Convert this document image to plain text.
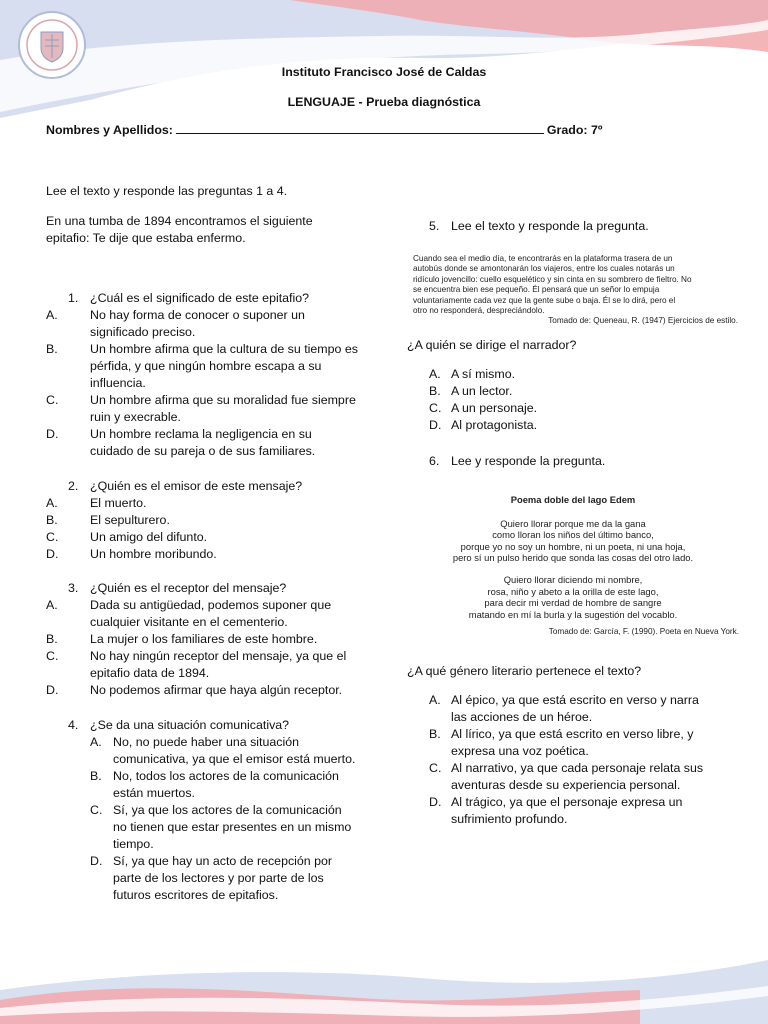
Instituto Francisco José de Caldas
LENGUAJE - Prueba diagnóstica
Nombres y Apellidos:	Grado: 7º
Lee el texto y responde las preguntas 1 a 4.
En una tumba de 1894 encontramos el siguiente
epitafio: Te dije que estaba enfermo.
1. ¿Cuál es el significado de este epitafio?
A.	No hay forma de conocer o suponer un
significado preciso.
B.	Un hombre afirma que la cultura de su tiempo es
pérfida, y que ningún hombre escapa a su
influencia.
C.	Un hombre afirma que su moralidad fue siempre
ruin y execrable.
D.	Un hombre reclama la negligencia en su
cuidado de su pareja o de sus familiares.
2. ¿Quién es el emisor de este mensaje?
A.	El muerto.
B.	El sepulturero.
C.	Un amigo del difunto.
D.	Un hombre moribundo.
3. ¿Quién es el receptor del mensaje?
A.	Dada su antigüedad, podemos suponer que
cualquier visitante en el cementerio.
B.	La mujer o los familiares de este hombre.
C.	No hay ningún receptor del mensaje, ya que el
epitafio data de 1894.
D.	No podemos afirmar que haya algún receptor.
4. ¿Se da una situación comunicativa?
A. No, no puede haber una situación
comunicativa, ya que el emisor está muerto.
B. No, todos los actores de la comunicación
están muertos.
C. Sí, ya que los actores de la comunicación
no tienen que estar presentes en un mismo
tiempo.
D. Sí, ya que hay un acto de recepción por
parte de los lectores y por parte de los
futuros escritores de epitafios.
5. Lee el texto y responde la pregunta.

Cuando sea el medio día, te encontrarás en la plataforma trasera de un

autobús donde se amontonarán los viajeros, entre los cuales notarás un

ridículo jovencillo: cuello esquelético y sin cinta en su sombrero de fieltro. No

se encuentra bien ese pequeño. Él pensará que un señor lo empuja

voluntariamente cada vez que la gente sube o baja. Él se lo dirá, pero el

otro no responderá, despreciándolo.

Tomado de: Queneau, R. (1947) Ejercicios de estilo.

¿A quién se dirige el narrador?
A. A sí mismo.
B. A un lector.
C. A un personaje.
D. Al protagonista.
6. Lee y responde la pregunta.
Poema doble del lago Edem
Quiero llorar porque me da la gana
como lloran los niños del último banco,
porque yo no soy un hombre, ni un poeta, ni una hoja,
pero sí un pulso herido que sonda las cosas del otro lado.
Quiero llorar diciendo mi nombre,
rosa, niño y abeto a la orilla de este lago,
para decir mi verdad de hombre de sangre
matando en mí la burla y la sugestión del vocablo.
Tomado de: García, F. (1990). Poeta en Nueva York.
¿A qué género literario pertenece el texto?
A. Al épico, ya que está escrito en verso y narra
las acciones de un héroe.
B. Al lírico, ya que está escrito en verso libre, y
expresa una voz poética.
C. Al narrativo, ya que cada personaje relata sus
aventuras desde su experiencia personal.
D. Al trágico, ya que el personaje expresa un
sufrimiento profundo.
